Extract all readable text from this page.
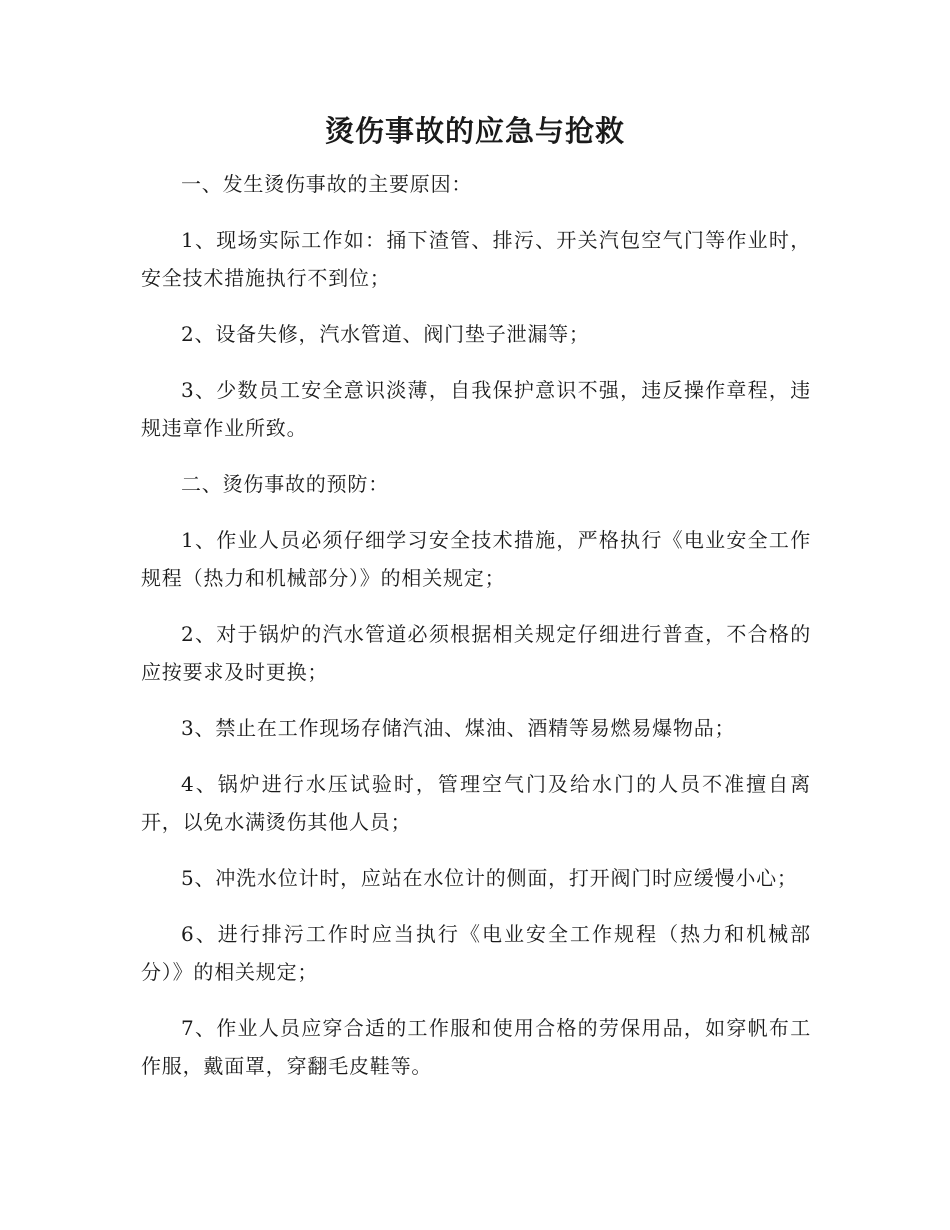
烫伤事故的应急与抢救

一、发生烫伤事故的主要原因：

1、现场实际工作如：捅下渣管、排污、开关汽包空气门等作业时，安全技术措施执行不到位；

2、设备失修，汽水管道、阀门垫子泄漏等；

3、少数员工安全意识淡薄，自我保护意识不强，违反操作章程，违规违章作业所致。

二、烫伤事故的预防：

1、作业人员必须仔细学习安全技术措施，严格执行《电业安全工作规程（热力和机械部分）》的相关规定；

2、对于锅炉的汽水管道必须根据相关规定仔细进行普查，不合格的应按要求及时更换；

3、禁止在工作现场存储汽油、煤油、酒精等易燃易爆物品；

4、锅炉进行水压试验时，管理空气门及给水门的人员不准擅自离开，以免水满烫伤其他人员；

5、冲洗水位计时，应站在水位计的侧面，打开阀门时应缓慢小心；

6、进行排污工作时应当执行《电业安全工作规程（热力和机械部分）》的相关规定；

7、作业人员应穿合适的工作服和使用合格的劳保用品，如穿帆布工作服，戴面罩，穿翻毛皮鞋等。
